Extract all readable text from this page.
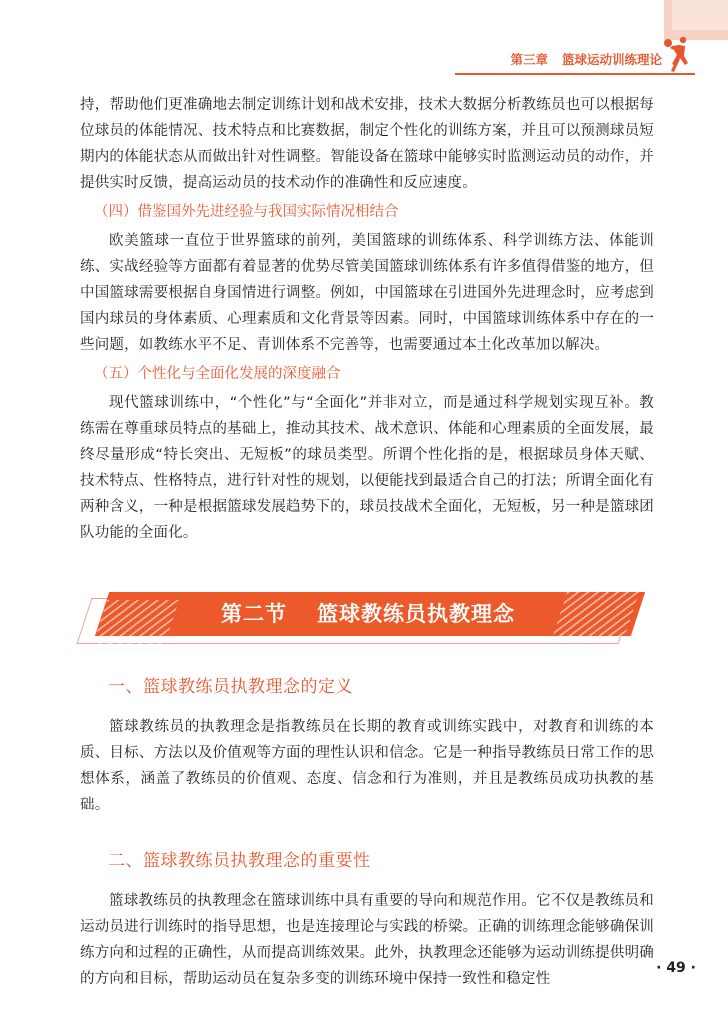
第三章 篮球运动训练理论

持，帮助他们更准确地去制定训练计划和战术安排，技术大数据分析教练员也可以根据每位球员的体能情况、技术特点和比赛数据，制定个性化的训练方案，并且可以预测球员短期内的体能状态从而做出针对性调整。智能设备在篮球中能够实时监测运动员的动作，并提供实时反馈，提高运动员的技术动作的准确性和反应速度。

（四）借鉴国外先进经验与我国实际情况相结合

欧美篮球一直位于世界篮球的前列，美国篮球的训练体系、科学训练方法、体能训练、实战经验等方面都有着显著的优势尽管美国篮球训练体系有许多值得借鉴的地方，但中国篮球需要根据自身国情进行调整。例如，中国篮球在引进国外先进理念时，应考虑到国内球员的身体素质、心理素质和文化背景等因素。同时，中国篮球训练体系中存在的一些问题，如教练水平不足、青训体系不完善等，也需要通过本土化改革加以解决。

（五）个性化与全面化发展的深度融合

现代篮球训练中，“个性化”与“全面化”并非对立，而是通过科学规划实现互补。教练需在尊重球员特点的基础上，推动其技术、战术意识、体能和心理素质的全面发展，最终尽量形成“特长突出、无短板”的球员类型。所谓个性化指的是，根据球员身体天赋、技术特点、性格特点，进行针对性的规划，以便能找到最适合自己的打法；所谓全面化有两种含义，一种是根据篮球发展趋势下的，球员技战术全面化，无短板，另一种是篮球团队功能的全面化。

第二节 篮球教练员执教理念
一、篮球教练员执教理念的定义

篮球教练员的执教理念是指教练员在长期的教育或训练实践中，对教育和训练的本质、目标、方法以及价值观等方面的理性认识和信念。它是一种指导教练员日常工作的思想体系，涵盖了教练员的价值观、态度、信念和行为准则，并且是教练员成功执教的基础。

二、篮球教练员执教理念的重要性

篮球教练员的执教理念在篮球训练中具有重要的导向和规范作用。它不仅是教练员和运动员进行训练时的指导思想，也是连接理论与实践的桥梁。正确的训练理念能够确保训练方向和过程的正确性，从而提高训练效果。此外，执教理念还能够为运动训练提供明确的方向和目标，帮助运动员在复杂多变的训练环境中保持一致性和稳定性

· 49 ·
